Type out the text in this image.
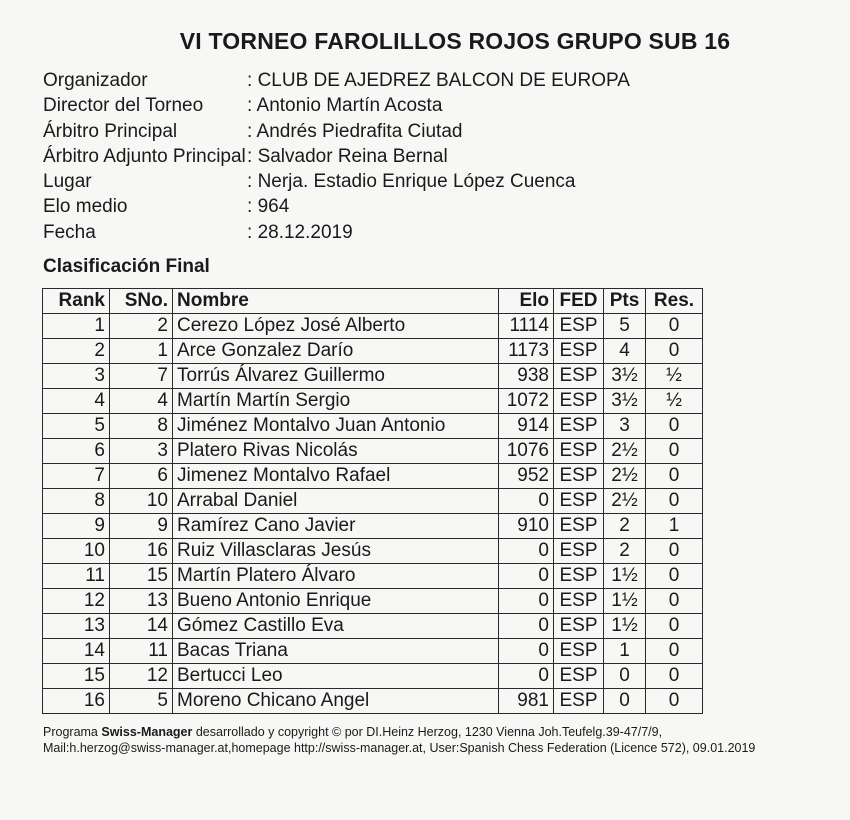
VI TORNEO FAROLILLOS ROJOS GRUPO SUB 16
Organizador	: CLUB DE AJEDREZ BALCON DE EUROPA
Director del Torneo	: Antonio Martín Acosta
Árbitro Principal	: Andrés Piedrafita Ciutad
Árbitro Adjunto Principal : Salvador Reina Bernal
Lugar	: Nerja. Estadio Enrique López Cuenca
Elo medio	: 964
Fecha	: 28.12.2019
Clasificación Final
Rank	SNo.	Nombre	Elo	FED	Pts	Res.
1	2	Cerezo López José Alberto	1114	ESP	5	0
2	1	Arce Gonzalez Darío	1173	ESP	4	0
3	7	Torrús Álvarez Guillermo	938	ESP	3½	½
4	4	Martín Martín Sergio	1072	ESP	3½	½
5	8	Jiménez Montalvo Juan Antonio	914	ESP	3	0
6	3	Platero Rivas Nicolás	1076	ESP	2½	0
7	6	Jimenez Montalvo Rafael	952	ESP	2½	0
8	10	Arrabal Daniel	0	ESP	2½	0
9	9	Ramírez Cano Javier	910	ESP	2	1
10	16	Ruiz Villasclaras Jesús	0	ESP	2	0
11	15	Martín Platero Álvaro	0	ESP	1½	0
12	13	Bueno Antonio Enrique	0	ESP	1½	0
13	14	Gómez Castillo Eva	0	ESP	1½	0
14	11	Bacas Triana	0	ESP	1	0
15	12	Bertucci Leo	0	ESP	0	0
16	5	Moreno Chicano Angel	981	ESP	0	0
Programa Swiss-Manager desarrollado y copyright © por DI.Heinz Herzog, 1230 Vienna Joh.Teufelg.39-47/7/9,
Mail:h.herzog@swiss-manager.at,homepage http://swiss-manager.at, User:Spanish Chess Federation (Licence 572), 09.01.2019
